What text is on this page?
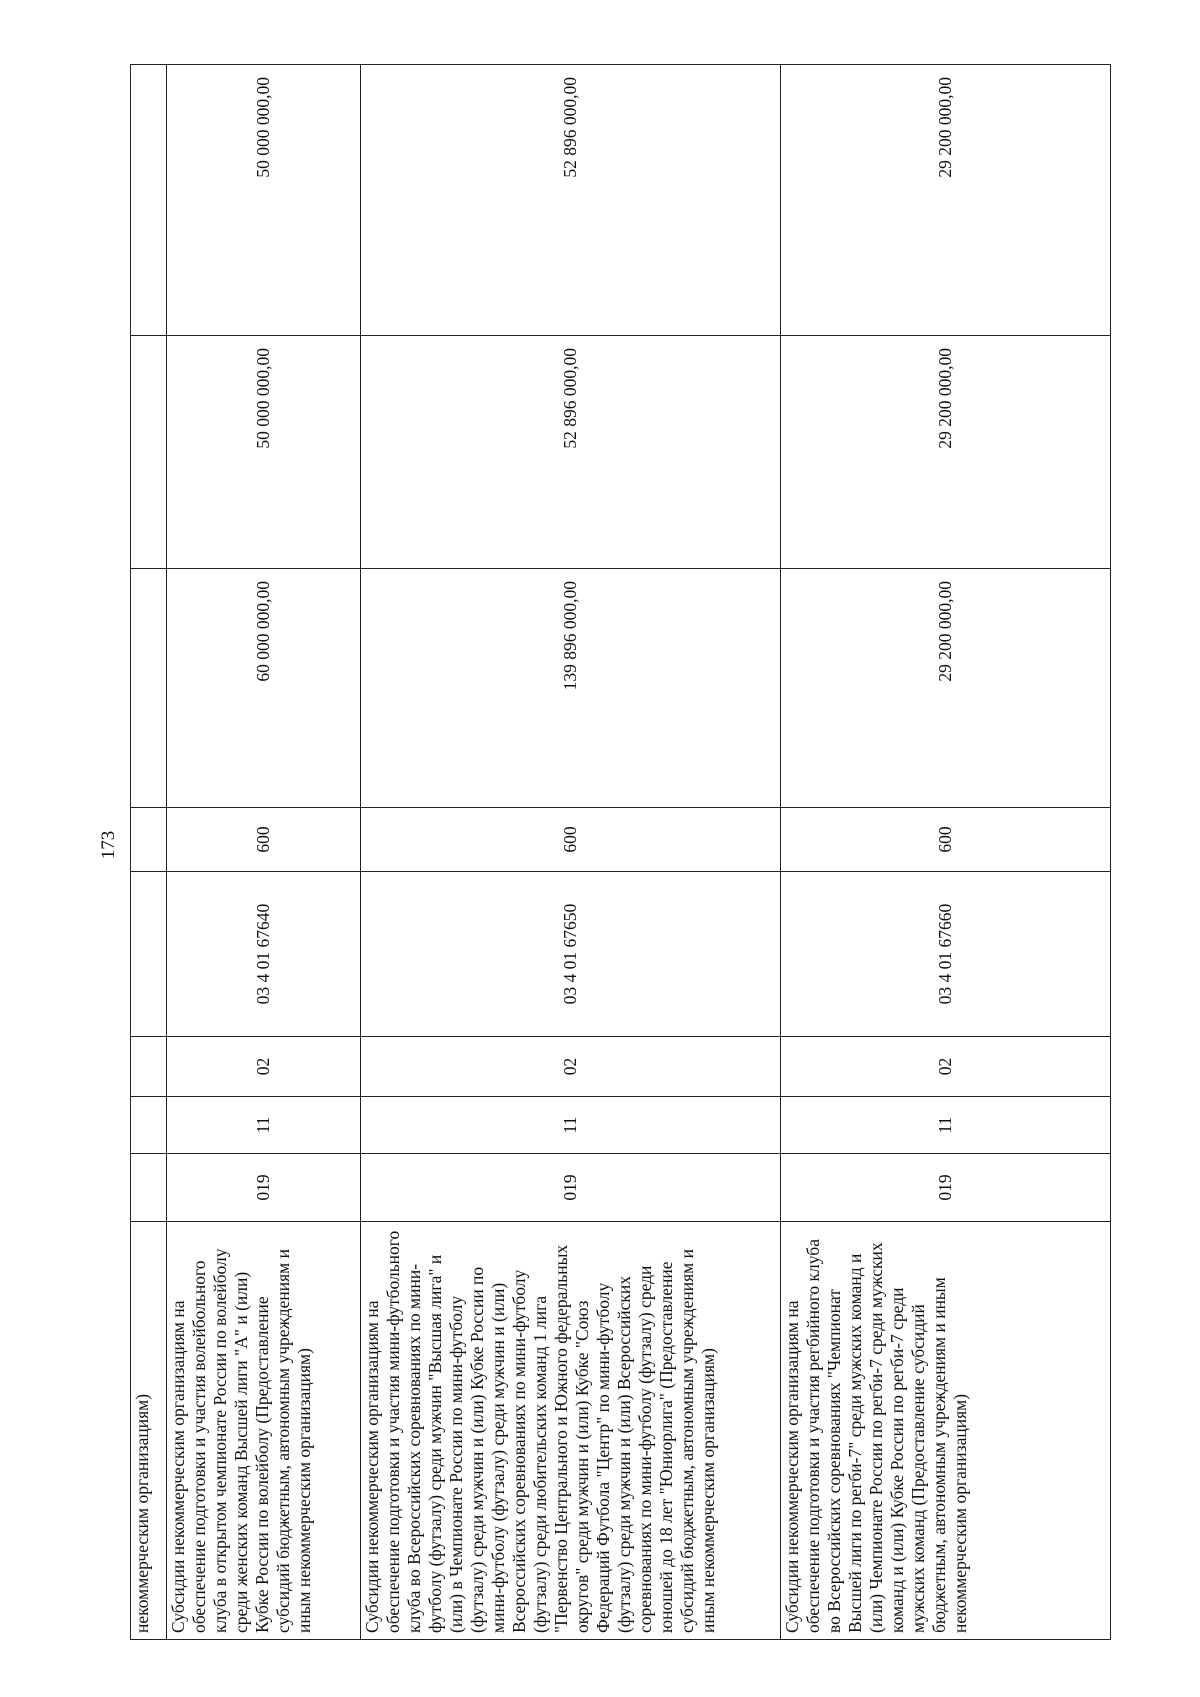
173
некоммерческим организациям)								
Субсидии некоммерческим организациям на обеспечение подготовки и участия волейбольного клуба в открытом чемпионате России по волейболу среди женских команд Высшей лиги "А" и (или) Кубке России по волейболу (Предоставление субсидий бюджетным, автономным учреждениям и иным некоммерческим организациям)	019	11	02	03 4 01 67640	600	60 000 000,00	50 000 000,00	50 000 000,00
Субсидии некоммерческим организациям на обеспечение подготовки и участия мини-футбольного клуба во Всероссийских соревнованиях по мини-футболу (футзалу) среди мужчин "Высшая лига" и (или) в Чемпионате России по мини-футболу (футзалу) среди мужчин и (или) Кубке России по мини-футболу (футзалу) среди мужчин и (или) Всероссийских соревнованиях по мини-футболу (футзалу) среди любительских команд 1 лига "Первенство Центрального и Южного федеральных округов" среди мужчин и (или) Кубке "Союз Федераций Футбола "Центр" по мини-футболу (футзалу) среди мужчин и (или) Всероссийских соревнованиях по мини-футболу (футзалу) среди юношей до 18 лет "Юниорлига" (Предоставление субсидий бюджетным, автономным учреждениям и иным некоммерческим организациям)	019	11	02	03 4 01 67650	600	139 896 000,00	52 896 000,00	52 896 000,00
Субсидии некоммерческим организациям на обеспечение подготовки и участия регбийного клуба во Всероссийских соревнованиях "Чемпионат Высшей лиги по регби-7" среди мужских команд и (или) Чемпионате России по регби-7 среди мужских команд и (или) Кубке России по регби-7 среди мужских команд (Предоставление субсидий бюджетным, автономным учреждениям и иным некоммерческим организациям)	019	11	02	03 4 01 67660	600	29 200 000,00	29 200 000,00	29 200 000,00
